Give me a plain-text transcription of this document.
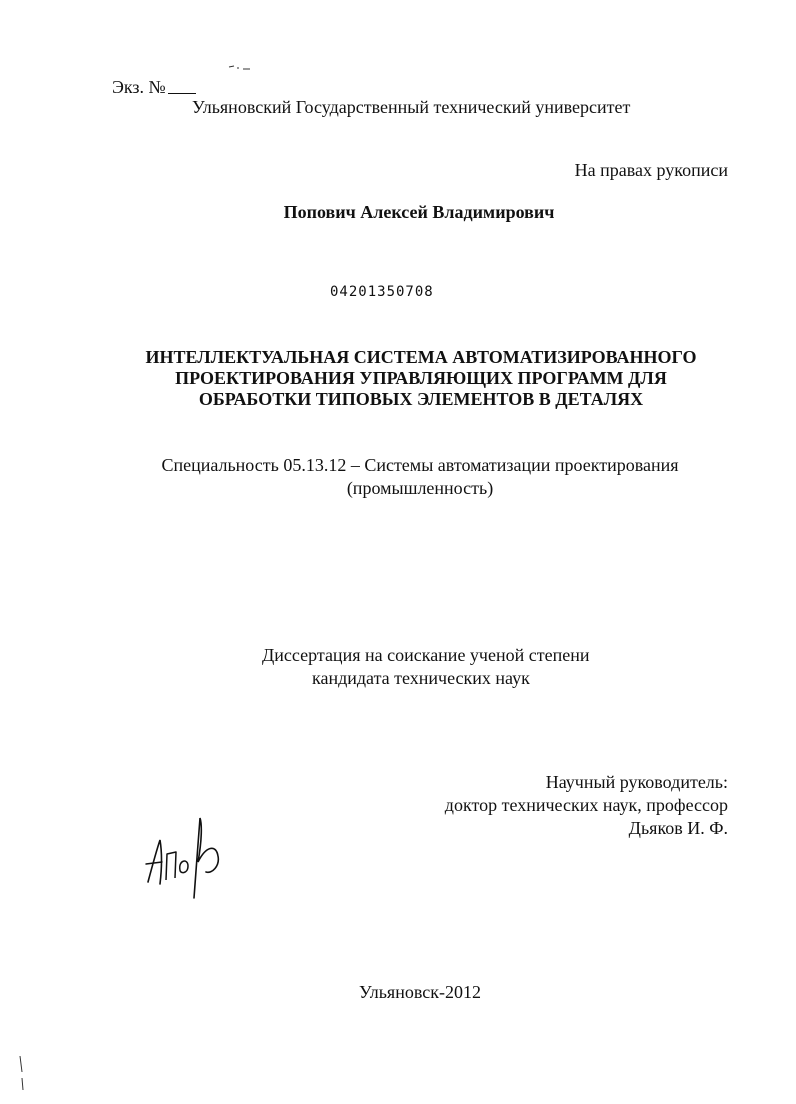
Экз. №
Ульяновский Государственный технический университет
На правах рукописи
Попович Алексей Владимирович
04201350708
ИНТЕЛЛЕКТУАЛЬНАЯ СИСТЕМА АВТОМАТИЗИРОВАННОГО
ПРОЕКТИРОВАНИЯ УПРАВЛЯЮЩИХ ПРОГРАММ ДЛЯ
ОБРАБОТКИ ТИПОВЫХ ЭЛЕМЕНТОВ В ДЕТАЛЯХ
Специальность 05.13.12 – Системы автоматизации проектирования
(промышленность)
Диссертация на соискание ученой степени
кандидата технических наук
Научный руководитель:
доктор технических наук, профессор
Дьяков И. Ф.
Ульяновск-2012
